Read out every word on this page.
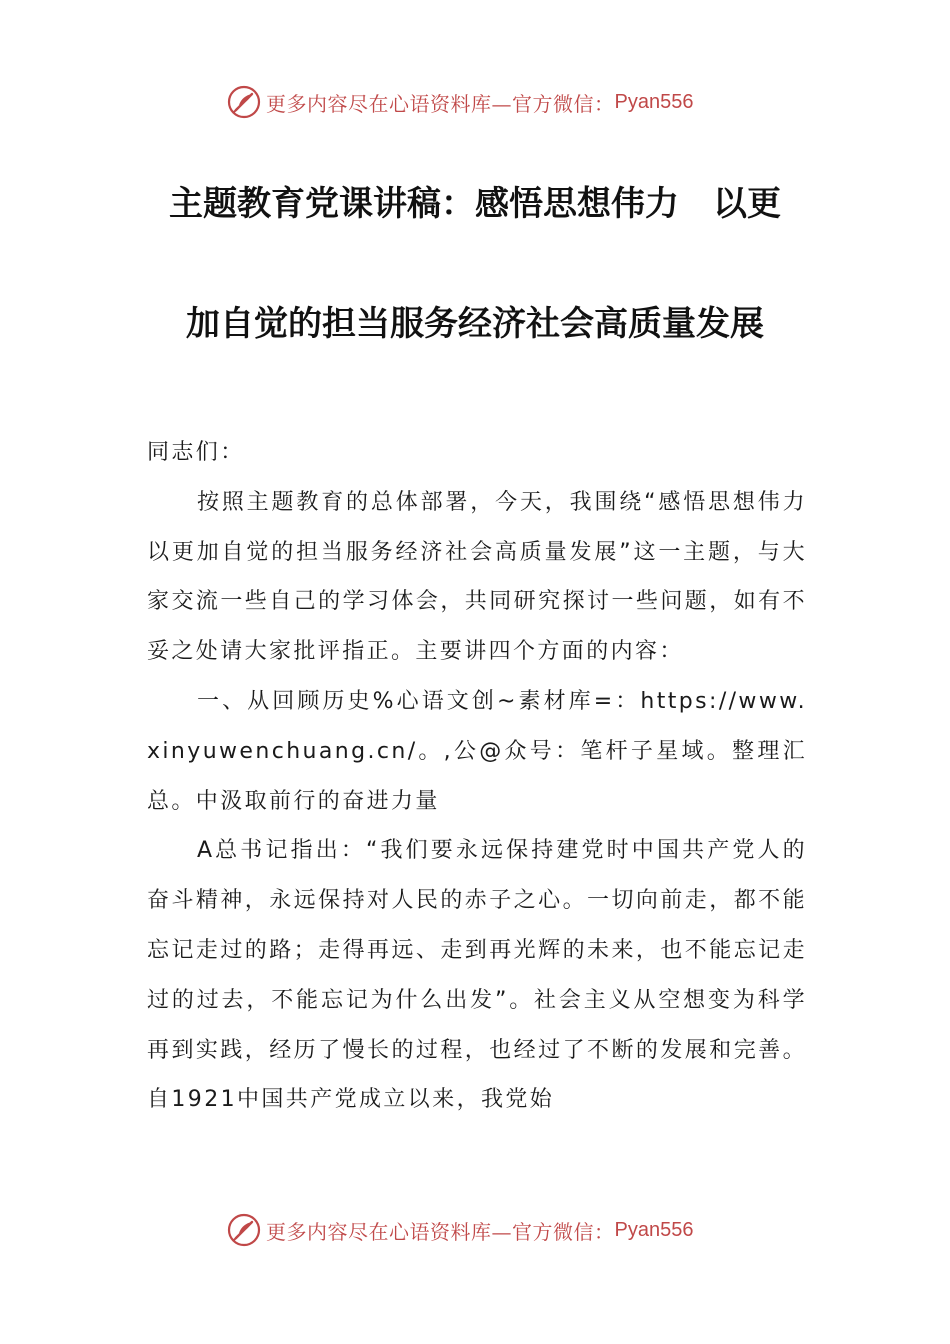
更多内容尽在心语资料库—官方微信： Pyan556
主题教育党课讲稿：感悟思想伟力　以更
加自觉的担当服务经济社会高质量发展

同志们：

按照主题教育的总体部署，今天，我围绕“感悟思想伟力 以更加自觉的担当服务经济社会高质量发展”这一主题，与大家交流一些自己的学习体会，共同研究探讨一些问题，如有不妥之处请大家批评指正。主要讲四个方面的内容：

一、从回顾历史%心语文创~素材库=：https://www.xinyuwenchuang.cn/。,公@众号：笔杆子星域。整理汇总。中汲取前行的奋进力量

A总书记指出：“我们要永远保持建党时中国共产党人的奋斗精神，永远保持对人民的赤子之心。一切向前走，都不能忘记走过的路；走得再远、走到再光辉的未来，也不能忘记走过的过去，不能忘记为什么出发”。社会主义从空想变为科学再到实践，经历了慢长的过程，也经过了不断的发展和完善。自1921中国共产党成立以来，我党始

更多内容尽在心语资料库—官方微信： Pyan556
